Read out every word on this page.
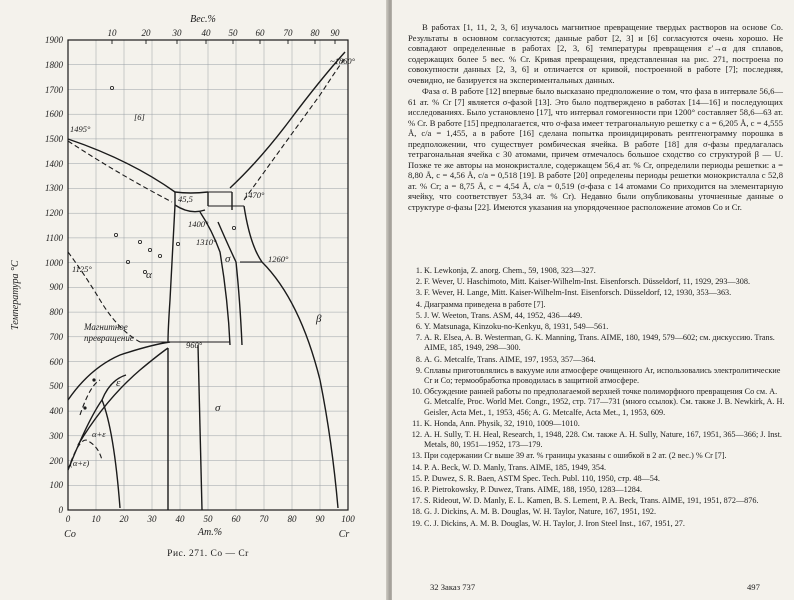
1900
1800
1700
1600
1500
1400
1300
1200
1100
1000
900
800
700
600
500
400
300
200
100
0
Температура °С
10	20 30 40 50 60 70 80 90
Вес.%
0 10 20 30 40 50 60 70 80 90 100
Co	Cr
Ат.%
Рис. 271. Co — Cr
1495°
~1860°
1470°
1400°
1310°
1260°
1125°
960°
45,5
[6]
α
β
σ
σ
ε
α+ε
(α+ε)
Магнитное
превращение

В работах [1, 11, 2, 3, 6] изучалось магнитное превращение твердых растворов на основе Co. Результаты в основном согласуются; данные работ [2, 3] и [6] согласуются очень хорошо. Не совпадают определенные в работах [2, 3, 6] температуры превращения ε′→α для сплавов, содержащих более 5 вес. % Cr. Кривая превращения, представленная на рис. 271, построена по совокупности данных [2, 3, 6] и отличается от кривой, построенной в работе [7]; последняя, очевидно, не базируется на экспериментальных данных.

Фаза σ. В работе [12] впервые было высказано предположение о том, что фаза в интервале 56,6—61 ат. % Cr [7] является σ-фазой [13]. Это было подтверждено в работах [14—16] и последующих исследованиях. Было установлено [17], что интервал гомогенности при 1200° составляет 58,6—63 ат. % Cr. В работе [15] предполагается, что σ-фаза имеет тетрагональную решетку с a = 6,205 Å, c = 4,555 Å, c/a = 1,455, а в работе [16] сделана попытка проиндицировать рентгенограмму порошка в предположении, что существует ромбическая ячейка. В работе [18] для σ-фазы предлагалась тетрагональная ячейка с 30 атомами, причем отмечалось большое сходство со структурой β — U. Позже те же авторы на монокристалле, содержащем 56,4 ат. % Cr, определили периоды решетки: a = 8,80 Å, c = 4,56 Å, c/a = 0,518 [19]. В работе [20] определены периоды решетки монокристалла с 52,8 ат. % Cr; a = 8,75 Å, c = 4,54 Å, c/a = 0,519 (σ-фаза с 14 атомами Co приходится на элементарную ячейку, что соответствует 53,34 ат. % Cr). Недавно были опубликованы уточненные данные о структуре σ-фазы [22]. Имеются указания на упорядоченное расположение атомов Co и Cr.

1. K. Lewkonja, Z. anorg. Chem., 59, 1908, 323—327.
2. F. Wever, U. Haschimoto, Mitt. Kaiser-Wilhelm-Inst. Eisenforsch. Düsseldorf, 11, 1929, 293—308.
3. F. Wever, H. Lange, Mitt. Kaiser-Wilhelm-Inst. Eisenforsch. Düsseldorf, 12, 1930, 353—363.
4. Диаграмма приведена в работе [7].
5. J. W. Weeton, Trans. ASM, 44, 1952, 436—449.
6. Y. Matsunaga, Kinzoku-no-Kenkyu, 8, 1931, 549—561.
7. A. R. Elsea, A. B. Westerman, G. K. Manning, Trans. AIME, 180, 1949, 579—602; см. дискуссию. Trans. AIME, 185, 1949, 298—300.
8. A. G. Metcalfe, Trans. AIME, 197, 1953, 357—364.
9. Сплавы приготовлялись в вакууме или атмосфере очищенного Ar, использовались электролитические Cr и Co; термообработка проводилась в защитной атмосфере.
10. Обсуждение ранней работы по предполагаемой верхней точке полиморфного превращения Co см. A. G. Metcalfe, Proc. World Met. Congr., 1952, стр. 717—731 (много ссылок). См. также J. B. Newkirk, A. H. Geisler, Acta Met., 1, 1953, 456; A. G. Metcalfe, Acta Met., 1, 1953, 609.
11. K. Honda, Ann. Physik, 32, 1910, 1009—1010.
12. A. H. Sully, T. H. Heal, Research, 1, 1948, 228. См. также A. H. Sully, Nature, 167, 1951, 365—366; J. Inst. Metals, 80, 1951—1952, 173—179.
13. При содержании Cr выше 39 ат. % границы указаны с ошибкой в 2 ат. (2 вес.) % Cr [7].
14. P. A. Beck, W. D. Manly, Trans. AIME, 185, 1949, 354.
15. P. Duwez, S. R. Baen, ASTM Spec. Tech. Publ. 110, 1950, стр. 48—54.
16. P. Pietrokowsky, P. Duwez, Trans. AIME, 188, 1950, 1283—1284.
17. S. Rideout, W. D. Manly, E. L. Kamen, B. S. Lement, P. A. Beck, Trans. AIME, 191, 1951, 872—876.
18. G. J. Dickins, A. M. B. Douglas, W. H. Taylor, Nature, 167, 1951, 192.
19. C. J. Dickins, A. M. B. Douglas, W. H. Taylor, J. Iron Steel Inst., 167, 1951, 27.
32 Заказ 737	497
